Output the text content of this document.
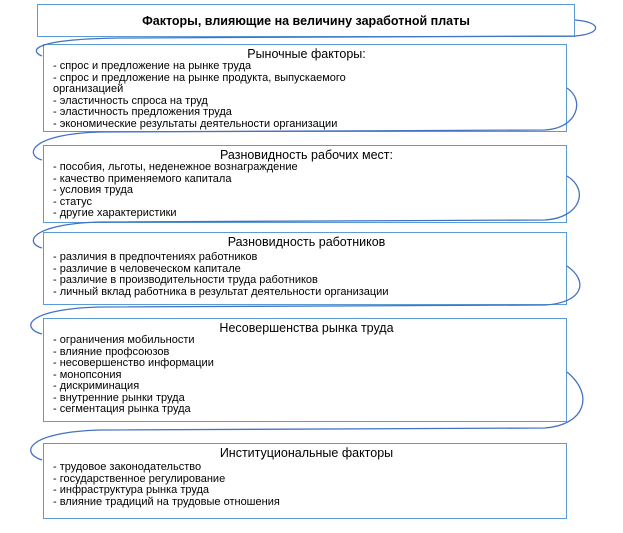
Факторы, влияющие на величину заработной платы
Рыночные факторы:
- спрос и предложение на рынке труда
- спрос и предложение на рынке продукта, выпускаемого
организацией
- эластичность спроса на труд
- эластичность предложения труда
- экономические результаты деятельности организации
Разновидность рабочих мест:
- пособия, льготы, неденежное вознаграждение
- качество применяемого капитала
- условия труда
- статус
- другие характеристики
Разновидность работников
- различия в предпочтениях работников
- различие в человеческом капитале
- различие в производительности труда работников
- личный вклад работника в результат деятельности организации
Несовершенства рынка труда
- ограничения мобильности
- влияние профсоюзов
- несовершенство информации
- монопсония
- дискриминация
- внутренние рынки труда
- сегментация рынка труда
Институциональные факторы
- трудовое законодательство
- государственное регулирование
- инфраструктура рынка труда
- влияние традиций на трудовые отношения
